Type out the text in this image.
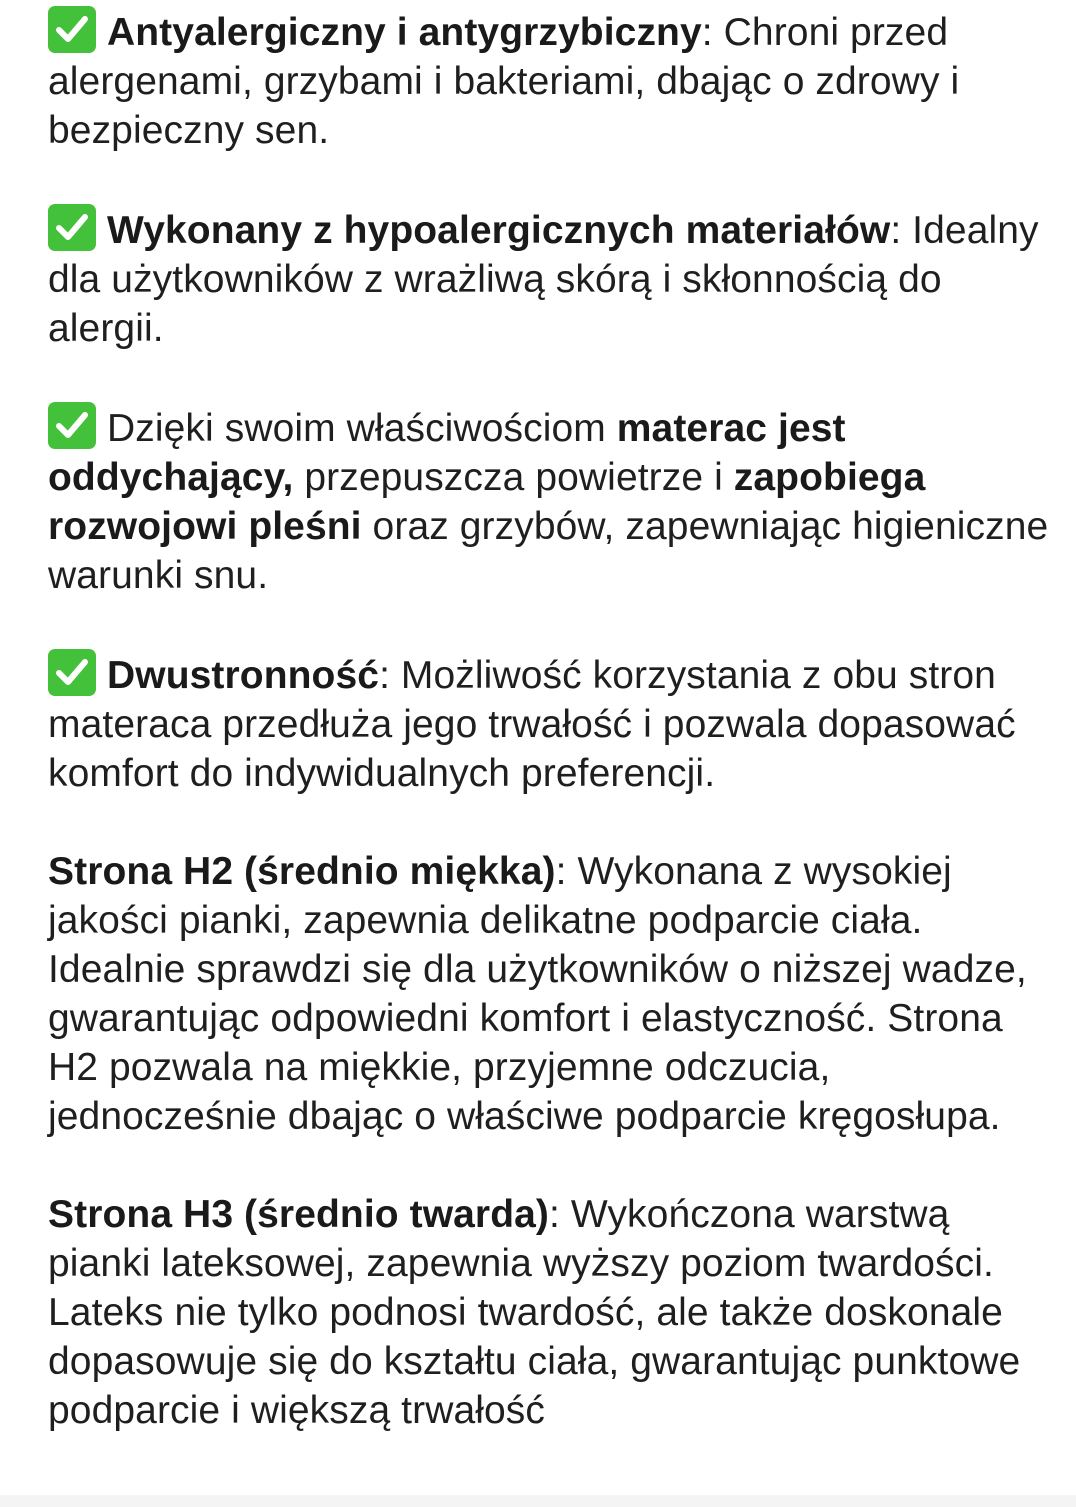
Antyalergiczny i antygrzybiczny: Chroni przed alergenami, grzybami i bakteriami, dbając o zdrowy i bezpieczny sen.

Wykonany z hypoalergicznych materiałów: Idealny dla użytkowników z wrażliwą skórą i skłonnością do alergii.

Dzięki swoim właściwościom materac jest oddychający, przepuszcza powietrze i zapobiega rozwojowi pleśni oraz grzybów, zapewniając higieniczne warunki snu.

Dwustronność: Możliwość korzystania z obu stron materaca przedłuża jego trwałość i pozwala dopasować komfort do indywidualnych preferencji.

Strona H2 (średnio miękka): Wykonana z wysokiej jakości pianki, zapewnia delikatne podparcie ciała. Idealnie sprawdzi się dla użytkowników o niższej wadze, gwarantując odpowiedni komfort i elastyczność. Strona H2 pozwala na miękkie, przyjemne odczucia, jednocześnie dbając o właściwe podparcie kręgosłupa.

Strona H3 (średnio twarda): Wykończona warstwą pianki lateksowej, zapewnia wyższy poziom twardości. Lateks nie tylko podnosi twardość, ale także doskonale dopasowuje się do kształtu ciała, gwarantując punktowe podparcie i większą trwałość
